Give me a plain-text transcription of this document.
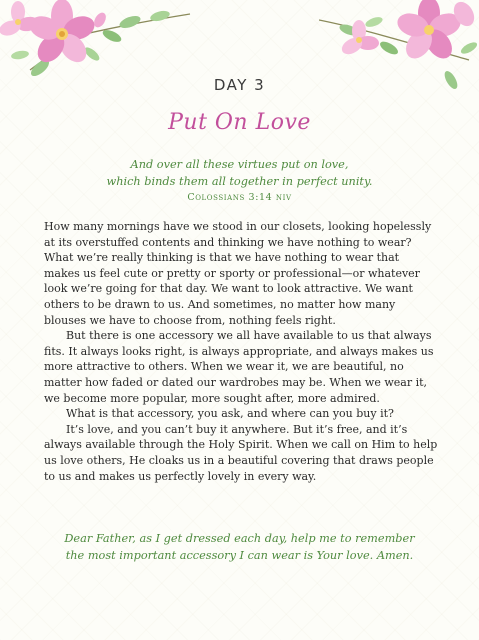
DAY 3
Put On Love
And over all these virtues put on love,
which binds them all together in perfect unity.
Colossians 3:14 niv

How many mornings have we stood in our closets, looking hopelessly at its overstuffed contents and thinking we have nothing to wear? What we’re really thinking is that we have nothing to wear that makes us feel cute or pretty or sporty or professional—or whatever look we’re going for that day. We want to look attractive. We want others to be drawn to us. And sometimes, no matter how many blouses we have to choose from, nothing feels right.

But there is one accessory we all have available to us that always fits. It always looks right, is always appropriate, and always makes us more attractive to others. When we wear it, we are beautiful, no matter how faded or dated our wardrobes may be. When we wear it, we become more popular, more sought after, more admired.

What is that accessory, you ask, and where can you buy it?

It’s love, and you can’t buy it anywhere. But it’s free, and it’s always available through the Holy Spirit. When we call on Him to help us love others, He cloaks us in a beautiful covering that draws people to us and makes us perfectly lovely in every way.

Dear Father, as I get dressed each day, help me to remember
the most important accessory I can wear is Your love. Amen.
